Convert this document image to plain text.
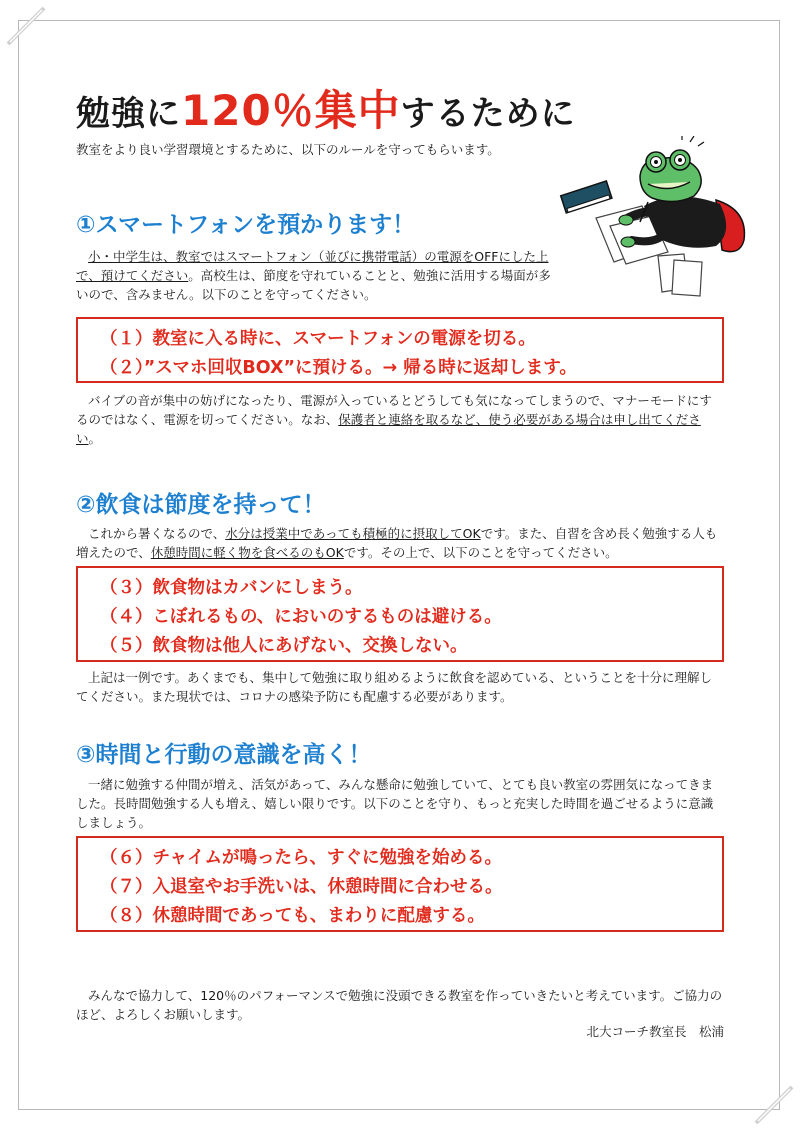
勉強に120％集中するために

教室をより良い学習環境とするために、以下のルールを守ってもらいます。

①スマートフォンを預かります！

小・中学生は、教室ではスマートフォン（並びに携帯電話）の電源をOFFにした上で、預けてください。高校生は、節度を守れていることと、勉強に活用する場面が多いので、含みません。以下のことを守ってください。

（１）教室に入る時に、スマートフォンの電源を切る。

（２）”スマホ回収BOX”に預ける。→ 帰る時に返却します。

バイブの音が集中の妨げになったり、電源が入っているとどうしても気になってしまうので、マナーモードにするのではなく、電源を切ってください。なお、保護者と連絡を取るなど、使う必要がある場合は申し出てください。

②飲食は節度を持って！

これから暑くなるので、水分は授業中であっても積極的に摂取してOKです。また、自習を含め長く勉強する人も増えたので、休憩時間に軽く物を食べるのもOKです。その上で、以下のことを守ってください。

（３）飲食物はカバンにしまう。

（４）こぼれるもの、においのするものは避ける。

（５）飲食物は他人にあげない、交換しない。

上記は一例です。あくまでも、集中して勉強に取り組めるように飲食を認めている、ということを十分に理解してください。また現状では、コロナの感染予防にも配慮する必要があります。

③時間と行動の意識を高く！

一緒に勉強する仲間が増え、活気があって、みんな懸命に勉強していて、とても良い教室の雰囲気になってきました。長時間勉強する人も増え、嬉しい限りです。以下のことを守り、もっと充実した時間を過ごせるように意識しましょう。

（６）チャイムが鳴ったら、すぐに勉強を始める。

（７）入退室やお手洗いは、休憩時間に合わせる。

（８）休憩時間であっても、まわりに配慮する。

みんなで協力して、120％のパフォーマンスで勉強に没頭できる教室を作っていきたいと考えています。ご協力のほど、よろしくお願いします。

北大コーチ教室長　松浦
